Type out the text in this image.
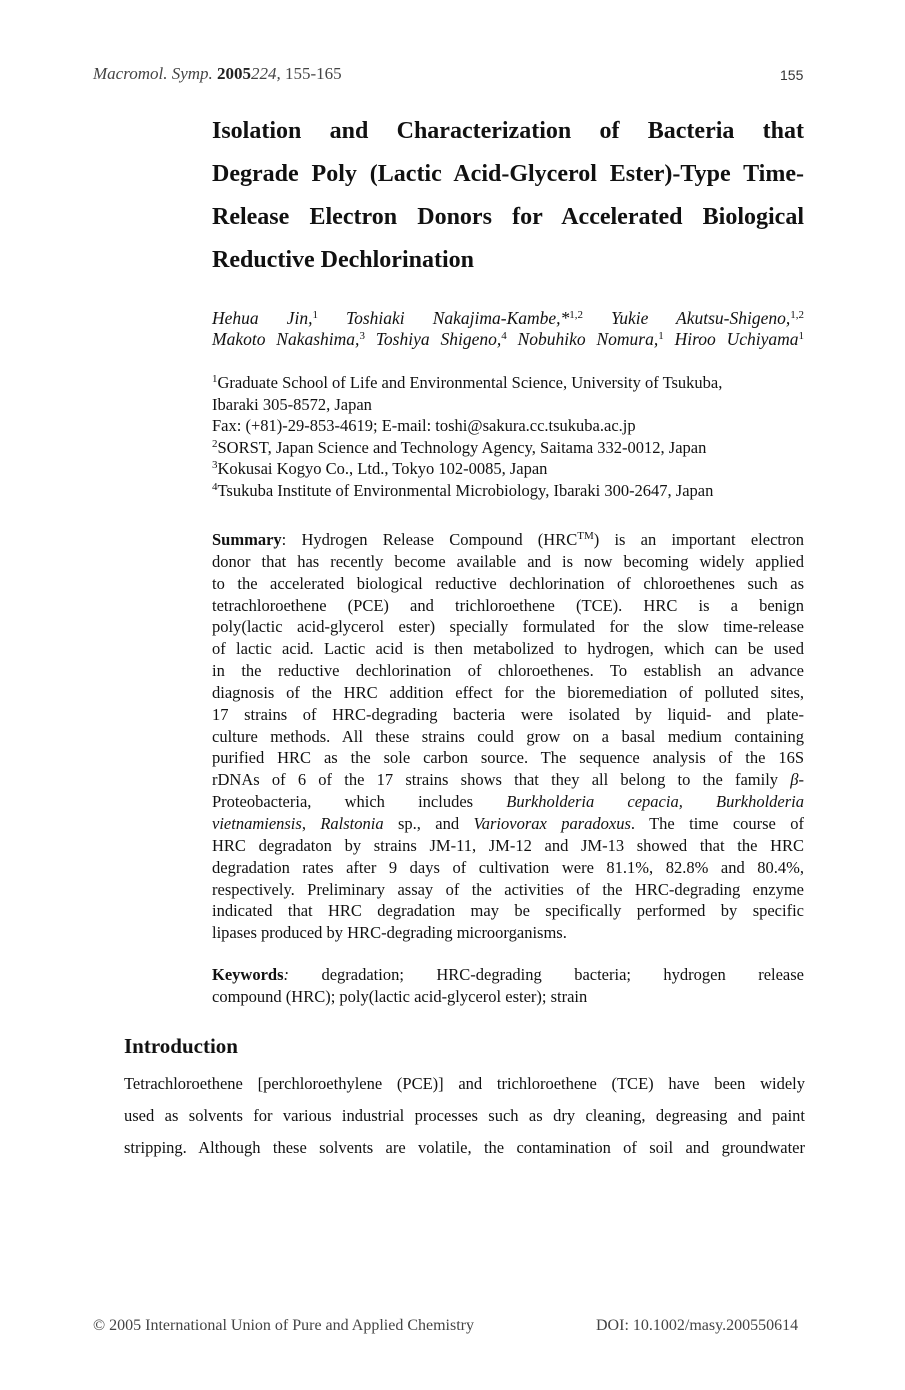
Macromol. Symp. 2005224, 155-165	155
Isolation and Characterization of Bacteria that
Degrade Poly (Lactic Acid-Glycerol Ester)-Type Time-
Release Electron Donors for Accelerated Biological
Reductive Dechlorination
Hehua Jin,$^1$ Toshiaki Nakajima-Kambe,*$^{1,2}$ Yukie Akutsu-Shigeno,$^{1,2}$
Makoto Nakashima,$^3$ Toshiya Shigeno,$^4$ Nobuhiko Nomura,$^1$ Hiroo Uchiyama$^1$
$^1$Graduate School of Life and Environmental Science, University of Tsukuba,
Ibaraki 305-8572, Japan
Fax: (+81)-29-853-4619; E-mail: toshi@sakura.cc.tsukuba.ac.jp
$^2$SORST, Japan Science and Technology Agency, Saitama 332-0012, Japan
$^3$Kokusai Kogyo Co., Ltd., Tokyo 102-0085, Japan
$^4$Tsukuba Institute of Environmental Microbiology, Ibaraki 300-2647, Japan
Summary: Hydrogen Release Compound (HRC™) is an important electron
donor that has recently become available and is now becoming widely applied
to the accelerated biological reductive dechlorination of chloroethenes such as
tetrachloroethene (PCE) and trichloroethene (TCE). HRC is a benign
poly(lactic acid-glycerol ester) specially formulated for the slow time-release
of lactic acid. Lactic acid is then metabolized to hydrogen, which can be used
in the reductive dechlorination of chloroethenes. To establish an advance
diagnosis of the HRC addition effect for the bioremediation of polluted sites,
17 strains of HRC-degrading bacteria were isolated by liquid- and plate-
culture methods. All these strains could grow on a basal medium containing
purified HRC as the sole carbon source. The sequence analysis of the 16S
rDNAs of 6 of the 17 strains shows that they all belong to the family β-
Proteobacteria, which includes Burkholderia cepacia, Burkholderia
vietnamiensis, Ralstonia sp., and Variovorax paradoxus. The time course of
HRC degradaton by strains JM-11, JM-12 and JM-13 showed that the HRC
degradation rates after 9 days of cultivation were 81.1%, 82.8% and 80.4%,
respectively. Preliminary assay of the activities of the HRC-degrading enzyme
indicated that HRC degradation may be specifically performed by specific
lipases produced by HRC-degrading microorganisms.
Keywords: degradation; HRC-degrading bacteria; hydrogen release
compound (HRC); poly(lactic acid-glycerol ester); strain
Introduction
Tetrachloroethene [perchloroethylene (PCE)] and trichloroethene (TCE) have been widely
used as solvents for various industrial processes such as dry cleaning, degreasing and paint
stripping. Although these solvents are volatile, the contamination of soil and groundwater
© 2005 International Union of Pure and Applied Chemistry	DOI: 10.1002/masy.200550614
